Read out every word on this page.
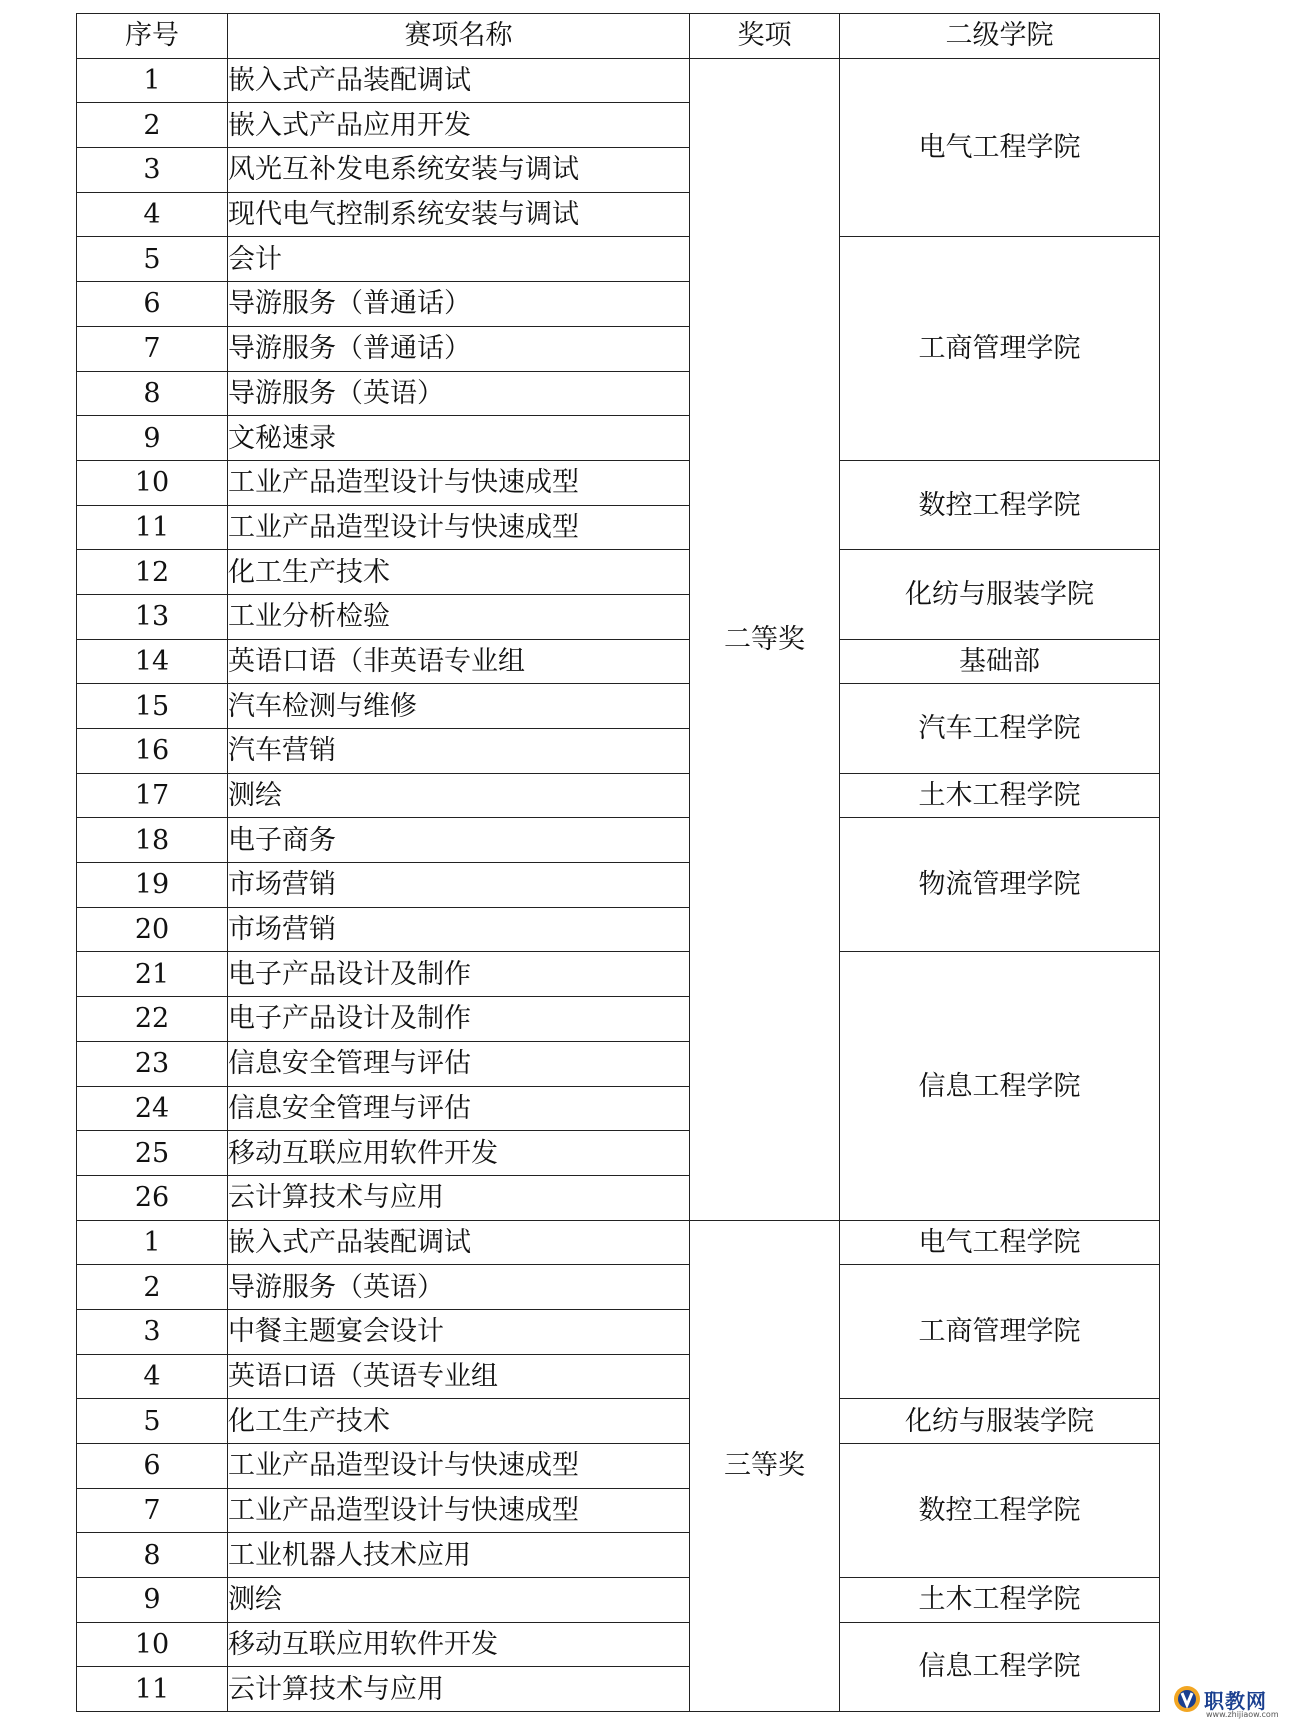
序号	赛项名称	奖项	二级学院
1	嵌入式产品装配调试	二等奖	电气工程学院
2	嵌入式产品应用开发		
3	风光互补发电系统安装与调试		
4	现代电气控制系统安装与调试		
5	会计		工商管理学院
6	导游服务（普通话）		
7	导游服务（普通话）		
8	导游服务（英语）		
9	文秘速录		
10	工业产品造型设计与快速成型		数控工程学院
11	工业产品造型设计与快速成型		
12	化工生产技术		化纺与服装学院
13	工业分析检验		
14	英语口语（非英语专业组		基础部
15	汽车检测与维修		汽车工程学院
16	汽车营销		
17	测绘		土木工程学院
18	电子商务		物流管理学院
19	市场营销		
20	市场营销		
21	电子产品设计及制作		信息工程学院
22	电子产品设计及制作		
23	信息安全管理与评估		
24	信息安全管理与评估		
25	移动互联应用软件开发		
26	云计算技术与应用		
1	嵌入式产品装配调试	三等奖	电气工程学院
2	导游服务（英语）		工商管理学院
3	中餐主题宴会设计		
4	英语口语（英语专业组		
5	化工生产技术		化纺与服装学院
6	工业产品造型设计与快速成型		数控工程学院
7	工业产品造型设计与快速成型		
8	工业机器人技术应用		
9	测绘		土木工程学院
10	移动互联应用软件开发		信息工程学院
11	云计算技术与应用			职教网
www.zhijiaow.com
